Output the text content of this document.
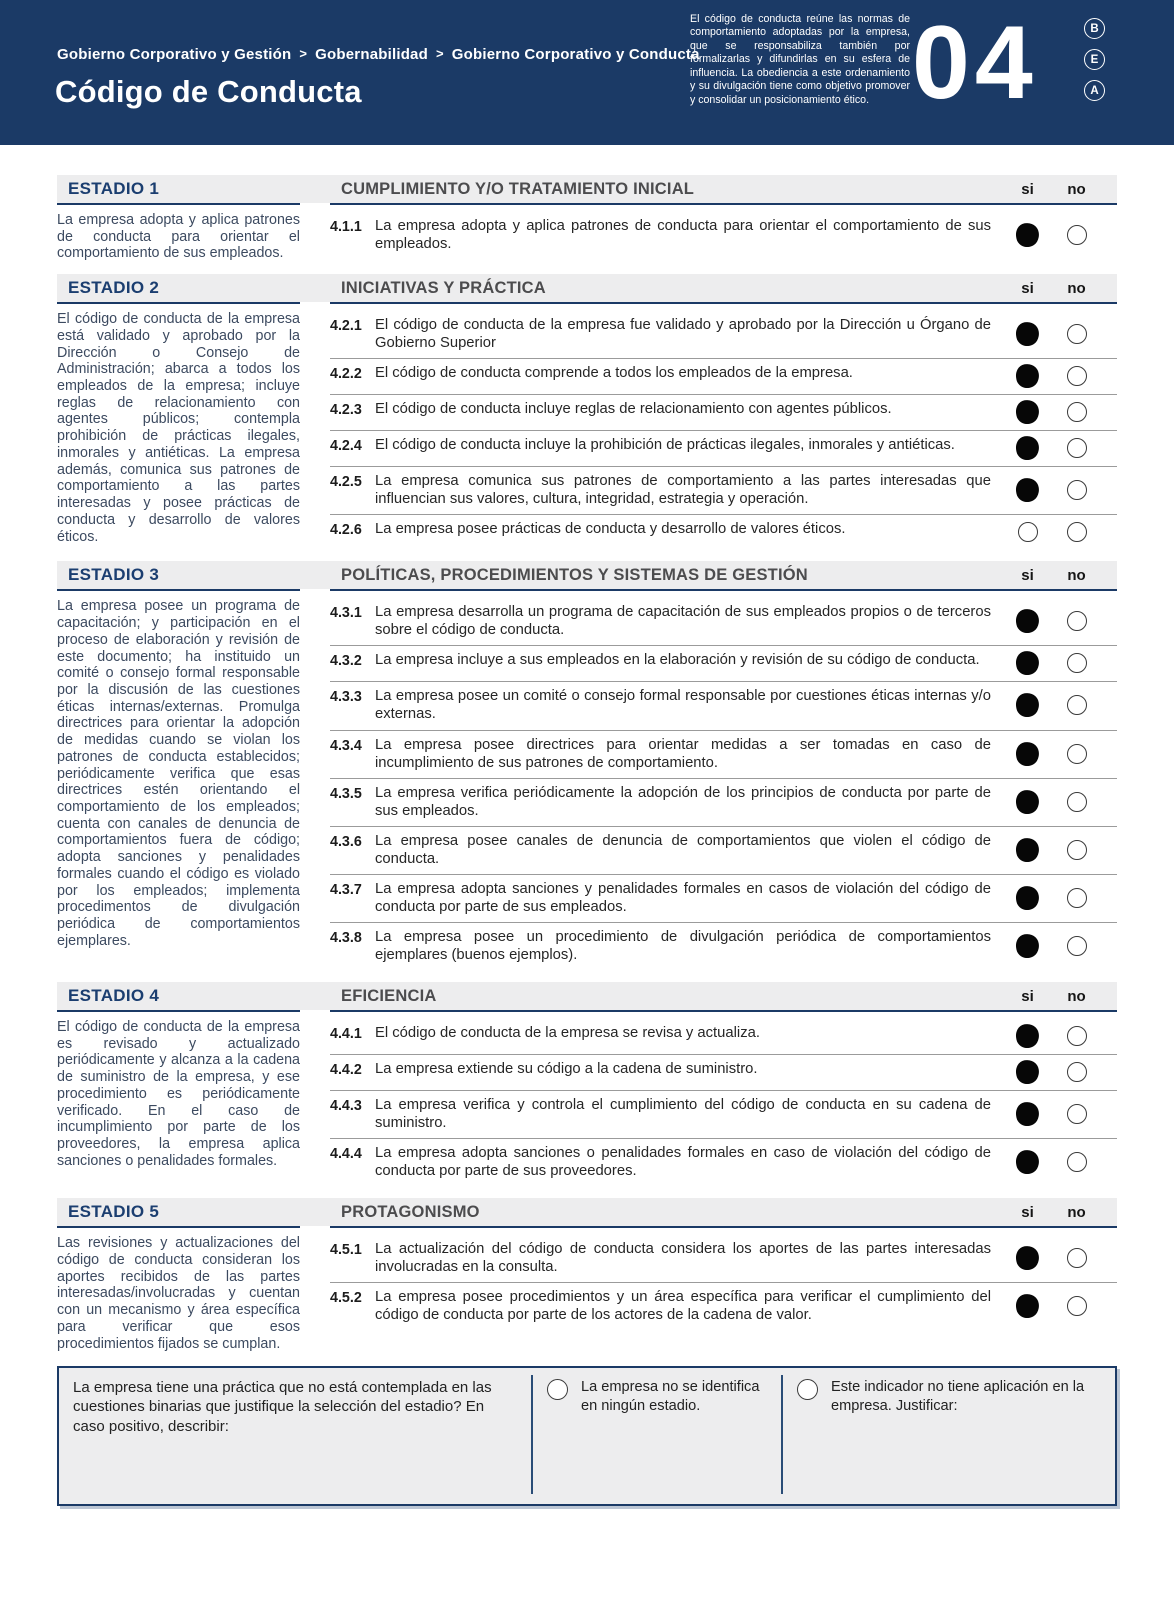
Gobierno Corporativo y Gestión > Gobernabilidad > Gobierno Corporativo y Conducta
Código de Conducta
El código de conducta reúne las normas de comportamiento adoptadas por la empresa, que se responsabiliza también por formalizarlas y difundirlas en su esfera de influencia. La obediencia a este ordenamiento y su divulgación tiene como objetivo promover y consolidar un posicionamiento ético. 04	B
E
A
ESTADIO 1	CUMPLIMIENTO Y/O TRATAMIENTO INICIAL	si	no
La empresa adopta y aplica patrones de conducta para orientar el comportamiento de sus empleados.
4.1.1 La empresa adopta y aplica patrones de conducta para orientar el comportamiento de sus empleados.
ESTADIO 2	INICIATIVAS Y PRÁCTICA	si	no
El código de conducta de la empresa está validado y aprobado por la Dirección o Consejo de Administración; abarca a todos los empleados de la empresa; incluye reglas de relacionamiento con agentes públicos; contempla prohibición de prácticas ilegales, inmorales y antiéticas. La empresa además, comunica sus patrones de comportamiento a las partes interesadas y posee prácticas de conducta y desarrollo de valores éticos.
4.2.1 El código de conducta de la empresa fue validado y aprobado por la Dirección u Órgano de Gobierno Superior
4.2.2 El código de conducta comprende a todos los empleados de la empresa.
4.2.3 El código de conducta incluye reglas de relacionamiento con agentes públicos.
4.2.4 El código de conducta incluye la prohibición de prácticas ilegales, inmorales y antiéticas.
4.2.5 La empresa comunica sus patrones de comportamiento a las partes interesadas que influencian sus valores, cultura, integridad, estrategia y operación.
4.2.6 La empresa posee prácticas de conducta y desarrollo de valores éticos.
ESTADIO 3	POLÍTICAS, PROCEDIMIENTOS Y SISTEMAS DE GESTIÓN	si	no
La empresa posee un programa de capacitación; y participación en el proceso de elaboración y revisión de este documento; ha instituido un comité o consejo formal responsable por la discusión de las cuestiones éticas internas/externas. Promulga directrices para orientar la adopción de medidas cuando se violan los patrones de conducta establecidos; periódicamente verifica que esas directrices estén orientando el comportamiento de los empleados; cuenta con canales de denuncia de comportamientos fuera de código; adopta sanciones y penalidades formales cuando el código es violado por los empleados; implementa procedimentos de divulgación periódica de comportamientos ejemplares.
4.3.1 La empresa desarrolla un programa de capacitación de sus empleados propios o de terceros sobre el código de conducta.
4.3.2 La empresa incluye a sus empleados en la elaboración y revisión de su código de conducta.
4.3.3 La empresa posee un comité o consejo formal responsable por cuestiones éticas internas y/o externas.
4.3.4 La empresa posee directrices para orientar medidas a ser tomadas en caso de incumplimiento de sus patrones de comportamiento.
4.3.5 La empresa verifica periódicamente la adopción de los principios de conducta por parte de sus empleados.
4.3.6 La empresa posee canales de denuncia de comportamientos que violen el código de conducta.
4.3.7 La empresa adopta sanciones y penalidades formales en casos de violación del código de conducta por parte de sus empleados.
4.3.8 La empresa posee un procedimiento de divulgación periódica de comportamientos ejemplares (buenos ejemplos).
ESTADIO 4	EFICIENCIA	si	no
El código de conducta de la empresa es revisado y actualizado periódicamente y alcanza a la cadena de suministro de la empresa, y ese procedimiento es periódicamente verificado. En el caso de incumplimiento por parte de los proveedores, la empresa aplica sanciones o penalidades formales.
4.4.1 El código de conducta de la empresa se revisa y actualiza.
4.4.2 La empresa extiende su código a la cadena de suministro.
4.4.3 La empresa verifica y controla el cumplimiento del código de conducta en su cadena de suministro.
4.4.4 La empresa adopta sanciones o penalidades formales en caso de violación del código de conducta por parte de sus proveedores.
ESTADIO 5	PROTAGONISMO	si	no
Las revisiones y actualizaciones del código de conducta consideran los aportes recibidos de las partes interesadas/involucradas y cuentan con un mecanismo y área específica para verificar que esos procedimientos fijados se cumplan.
4.5.1 La actualización del código de conducta considera los aportes de las partes interesadas involucradas en la consulta.
4.5.2 La empresa posee procedimientos y un área específica para verificar el cumplimiento del código de conducta por parte de los actores de la cadena de valor.
La empresa tiene una práctica que no está contemplada en las cuestiones binarias que justifique la selección del estadio? En caso positivo, describir:
La empresa no se identifica en ningún estadio.
Este indicador no tiene aplicación en la empresa. Justificar:
